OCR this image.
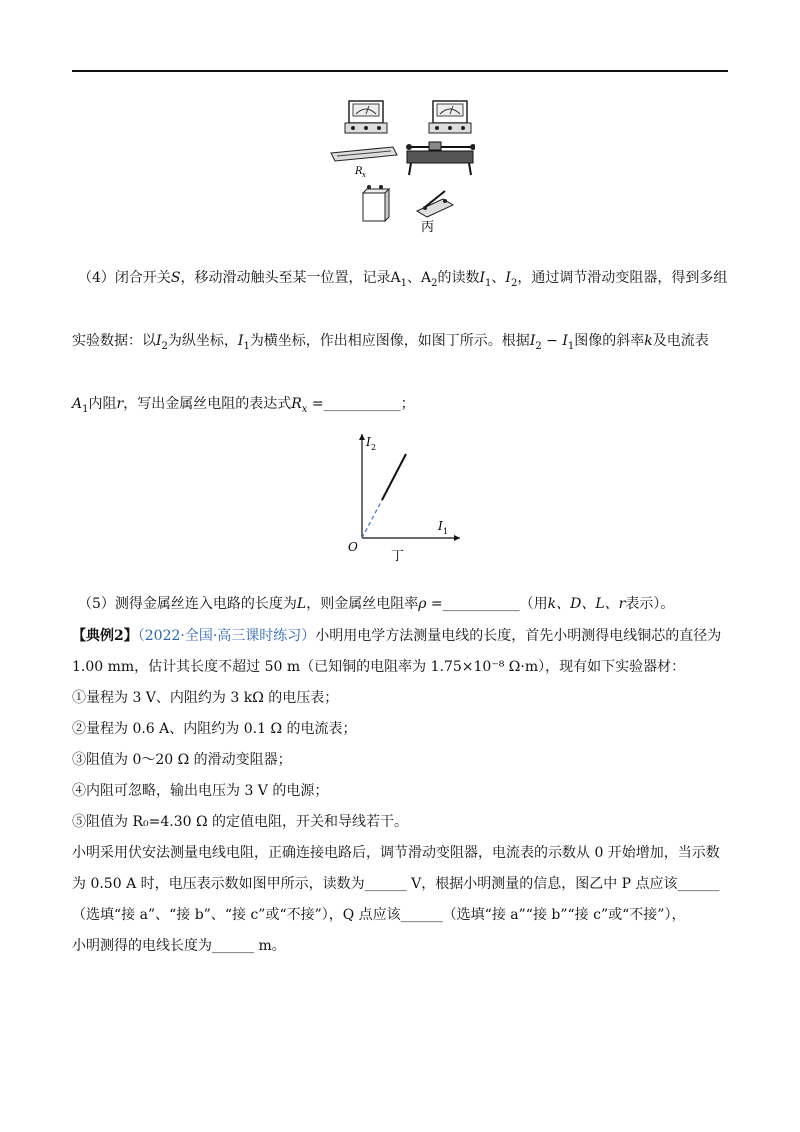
R x
丙
（4）闭合开关S，移动滑动触头至某一位置，记录$A_1$、$A_2$的读数$I_1$、$I_2$，通过调节滑动变阻器，得到多组
实验数据：以$I_2$为纵坐标，$I_1$为横坐标，作出相应图像，如图丁所示。根据$I_2 - I_1$图像的斜率k及电流表
$A_1$内阻r，写出金属丝电阻的表达式$R_x$ =___________；
I 2
I 1
O
丁
（5）测得金属丝连入电路的长度为L，则金属丝电阻率ρ =___________（用k、D、L、r表示）。
【典例2】（2022·全国·高三课时练习）小明用电学方法测量电线的长度，首先小明测得电线铜芯的直径为
1.00 mm，估计其长度不超过 50 m（已知铜的电阻率为 1.75×10⁻⁸ Ω·m），现有如下实验器材：
①量程为 3 V、内阻约为 3 kΩ 的电压表；
②量程为 0.6 A、内阻约为 0.1 Ω 的电流表；
③阻值为 0～20 Ω 的滑动变阻器；
④内阻可忽略，输出电压为 3 V 的电源；
⑤阻值为 R₀=4.30 Ω 的定值电阻，开关和导线若干。
小明采用伏安法测量电线电阻，正确连接电路后，调节滑动变阻器，电流表的示数从 0 开始增加，当示数
为 0.50 A 时，电压表示数如图甲所示，读数为______ V，根据小明测量的信息，图乙中 P 点应该______
（选填“接 a”、“接 b”、“接 c”或“不接”），Q 点应该______（选填“接 a”“接 b”“接 c”或“不接”），
小明测得的电线长度为______ m。
